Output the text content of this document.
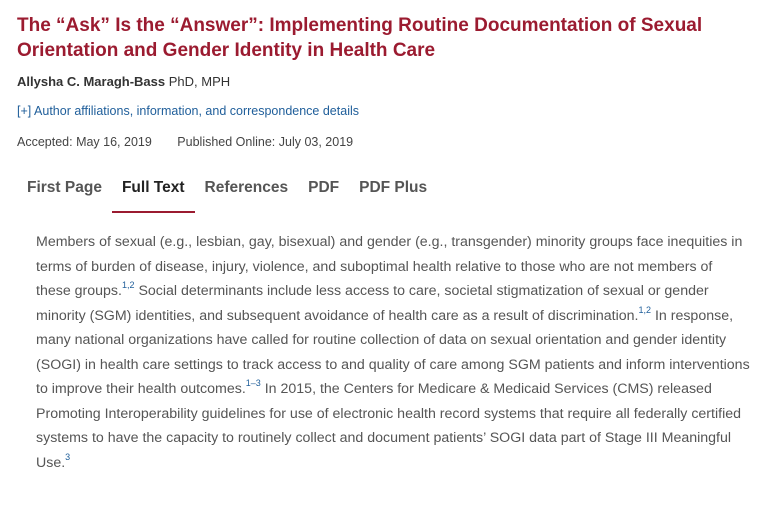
The “Ask” Is the “Answer”: Implementing Routine Documentation of Sexual Orientation and Gender Identity in Health Care
Allysha C. Maragh-Bass PhD, MPH
[+] Author affiliations, information, and correspondence details
Accepted: May 16, 2019 Published Online: July 03, 2019
First Page	Full Text	References	PDF	PDF Plus

Members of sexual (e.g., lesbian, gay, bisexual) and gender (e.g., transgender) minority groups face inequities in terms of burden of disease, injury, violence, and suboptimal health relative to those who are not members of these groups.$^{1,2}$ Social determinants include less access to care, societal stigmatization of sexual or gender minority (SGM) identities, and subsequent avoidance of health care as a result of discrimination.$^{1,2}$ In response, many national organizations have called for routine collection of data on sexual orientation and gender identity (SOGI) in health care settings to track access to and quality of care among SGM patients and inform interventions to improve their health outcomes.$^{1-3}$ In 2015, the Centers for Medicare & Medicaid Services (CMS) released Promoting Interoperability guidelines for use of electronic health record systems that require all federally certified systems to have the capacity to routinely collect and document patients’ SOGI data part of Stage III Meaningful Use.$^3$
